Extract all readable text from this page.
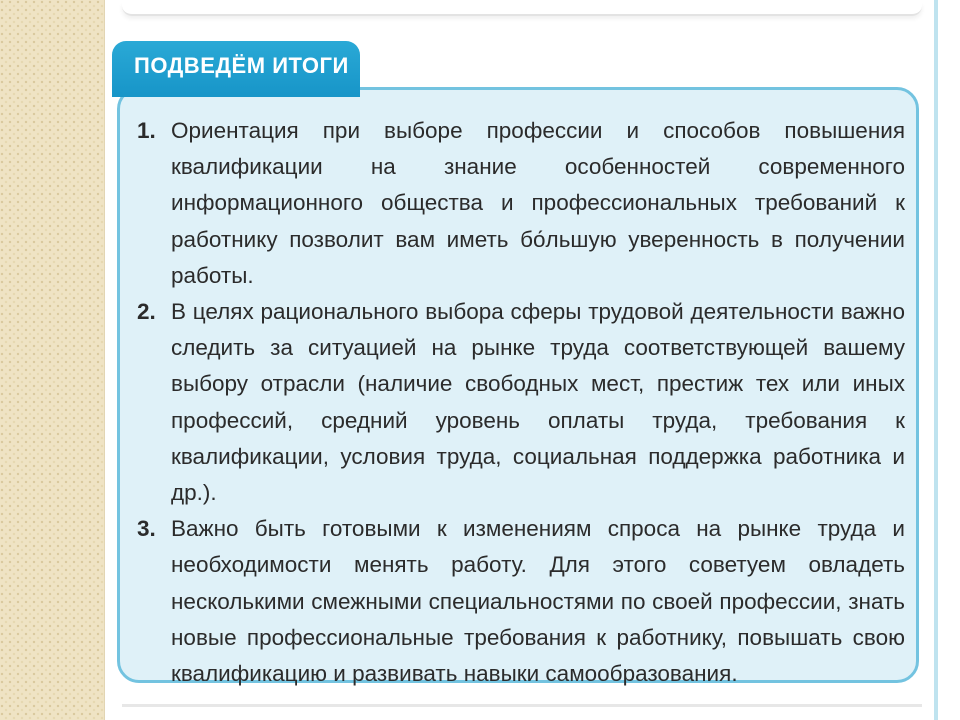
ПОДВЕДЁМ ИТОГИ
1. Ориентация при выборе профессии и способов повышения квалификации на знание особенностей современного информационного общества и профессиональных требований к работнику позволит вам иметь бо́льшую уверенность в получении работы.
2. В целях рационального выбора сферы трудовой деятельности важно следить за ситуацией на рынке труда соответствующей вашему выбору отрасли (наличие свободных мест, престиж тех или иных профессий, средний уровень оплаты труда, требования к квалификации, условия труда, социальная поддержка работника и др.).
3. Важно быть готовыми к изменениям спроса на рынке труда и необходимости менять работу. Для этого советуем овладеть несколькими смежными специальностями по своей профессии, знать новые профессиональные требования к работнику, повышать свою квалификацию и развивать навыки самообразования.
